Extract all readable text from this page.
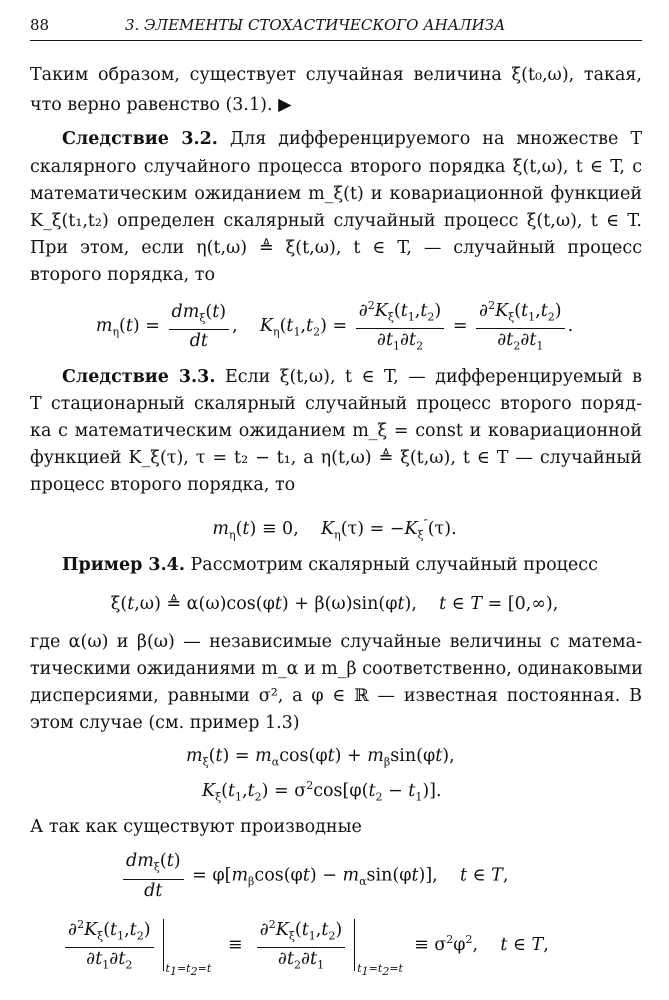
88	3. ЭЛЕМЕНТЫ СТОХАСТИЧЕСКОГО АНАЛИЗА
Таким образом, существует случайная величина ξ̇(t₀,ω), такая,
что верно равенство (3.1). ▶
Следствие 3.2. Для дифференцируемого на множестве T
скалярного случайного процесса второго порядка ξ(t,ω), t ∈ T, с
математическим ожиданием m_ξ(t) и ковариационной функцией
K_ξ(t₁,t₂) определен скалярный случайный процесс ξ̇(t,ω), t ∈ T.
При этом, если η(t,ω) ≜ ξ̇(t,ω), t ∈ T, — случайный процесс
второго порядка, то
$m_\eta(t)$ =
$dm_\xi(t)$
dt
,    $K_\eta(t_1,t_2) = \frac{\partial^2K_\xi(t_1,t_2)}{\partial t_1\partial t_2} = \frac{\partial^2K_\xi(t_1,t_2)}{\partial t_2\partial t_1}$ .
Следствие 3.3. Если ξ(t,ω), t ∈ T, — дифференцируемый в
T стационарный скалярный случайный процесс второго поряд-
ка с математическим ожиданием m_ξ = const и ковариационной
функцией K_ξ(τ), τ = t₂ − t₁, а η(t,ω) ≜ ξ̇(t,ω), t ∈ T — случайный
процесс второго порядка, то
$m_\eta(t) \equiv 0$,    $K_\eta(\tau) = -K_\xi''(\tau)$.
Пример 3.4. Рассмотрим скалярный случайный процесс
ξ(t,ω) ≜ α(ω)cos(φt) + β(ω)sin(φt),    t ∈ T = [0,∞),
где α(ω) и β(ω) — независимые случайные величины с матема-
тическими ожиданиями m_α и m_β соответственно, одинаковыми
дисперсиями, равными σ², а φ ∈ ℝ — известная постоянная. В
этом случае (см. пример 1.3)
$m_\xi(t) = m_\alpha\cos(\varphi t) + m_\beta\sin(\varphi t)$,
$K_\xi(t_1,t_2) = \sigma^2\cos[\varphi(t_2 - t_1)]$.
А так как существуют производные
$dm_\xi(t)$
dt
= $\varphi[m_\beta\cos(\varphi t) - m_\alpha\sin(\varphi t)]$,    t ∈ T,
$\frac{\partial^2K_\xi(t_1,t_2)}{\partial t_1\partial t_2} _{t_1=t_2=t} \equiv \frac{\partial^2K_\xi(t_1,t_2)}{\partial t_2\partial t_1} _{t_1=t_2=t} \equiv \sigma^2\varphi^2$,    t ∈ T,
